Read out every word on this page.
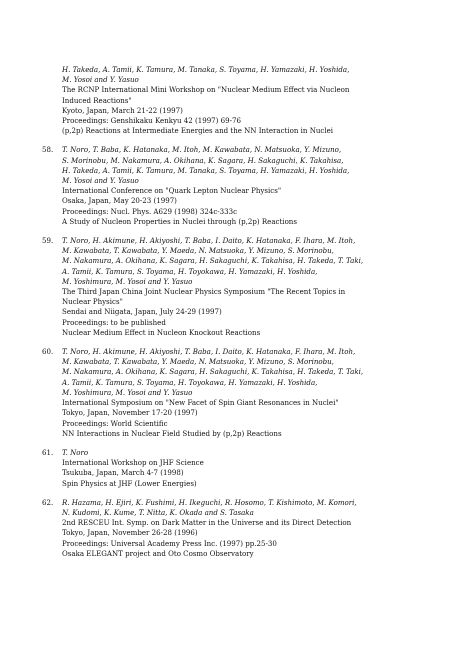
H. Takeda, A. Tamii, K. Tamura, M. Tanaka, S. Toyama, H. Yamazaki, H. Yoshida,
M. Yosoi and Y. Yasuo
The RCNP International Mini Workshop on "Nuclear Medium Effect via Nucleon
Induced Reactions"
Kyoto, Japan, March 21-22 (1997)
Proceedings: Genshikaku Kenkyu 42 (1997) 69-76
(p,2p) Reactions at Intermediate Energies and the NN Interaction in Nuclei
58. T. Noro, T. Baba, K. Hatanaka, M. Itoh, M. Kawabata, N. Matsuoka, Y. Mizuno,
S. Morinobu, M. Nakamura, A. Okihana, K. Sagara, H. Sakaguchi, K. Takahisa,
H. Takeda, A. Tamii, K. Tamura, M. Tanaka, S. Toyama, H. Yamazaki, H. Yoshida,
M. Yosoi and Y. Yasuo
International Conference on "Quark Lepton Nuclear Physics"
Osaka, Japan, May 20-23 (1997)
Proceedings: Nucl. Phys. A629 (1998) 324c-333c
A Study of Nucleon Properties in Nuclei through (p,2p) Reactions
59. T. Noro, H. Akimune, H. Akiyoshi, T. Baba, I. Daito, K. Hatanaka, F. Ihara, M. Itoh,
M. Kawabata, T. Kawabata, Y. Maeda, N. Matsuoka, Y. Mizuno, S. Morinobu,
M. Nakamura, A. Okihana, K. Sagara, H. Sakaguchi, K. Takahisa, H. Takeda, T. Taki,
A. Tamii, K. Tamura, S. Toyama, H. Toyokawa, H. Yamazaki, H. Yoshida,
M. Yoshimura, M. Yosoi and Y. Yasuo
The Third Japan China Joint Nuclear Physics Symposium "The Recent Topics in
Nuclear Physics"
Sendai and Niigata, Japan, July 24-29 (1997)
Proceedings: to be published
Nuclear Medium Effect in Nucleon Knockout Reactions
60. T. Noro, H. Akimune, H. Akiyoshi, T. Baba, I. Daito, K. Hatanaka, F. Ihara, M. Itoh,
M. Kawabata, T. Kawabata, Y. Maeda, N. Matsuoka, Y. Mizuno, S. Morinobu,
M. Nakamura, A. Okihana, K. Sagara, H. Sakaguchi, K. Takahisa, H. Takeda, T. Taki,
A. Tamii, K. Tamura, S. Toyama, H. Toyokawa, H. Yamazaki, H. Yoshida,
M. Yoshimura, M. Yosoi and Y. Yasuo
International Symposium on "New Facet of Spin Giant Resonances in Nuclei"
Tokyo, Japan, November 17-20 (1997)
Proceedings: World Scientific
NN Interactions in Nuclear Field Studied by (p,2p) Reactions
61. T. Noro
International Workshop on JHF Science
Tsukuba, Japan, March 4-7 (1998)
Spin Physics at JHF (Lower Energies)
62. R. Hazama, H. Ejiri, K. Fushimi, H. Ikeguchi, R. Hosomo, T. Kishimoto, M. Komori,
N. Kudomi, K. Kume, T. Nitta, K. Okada and S. Tasaka
2nd RESCEU Int. Symp. on Dark Matter in the Universe and its Direct Detection
Tokyo, Japan, November 26-28 (1996)
Proceedings: Universal Academy Press Inc. (1997) pp.25-30
Osaka ELEGANT project and Oto Cosmo Observatory
